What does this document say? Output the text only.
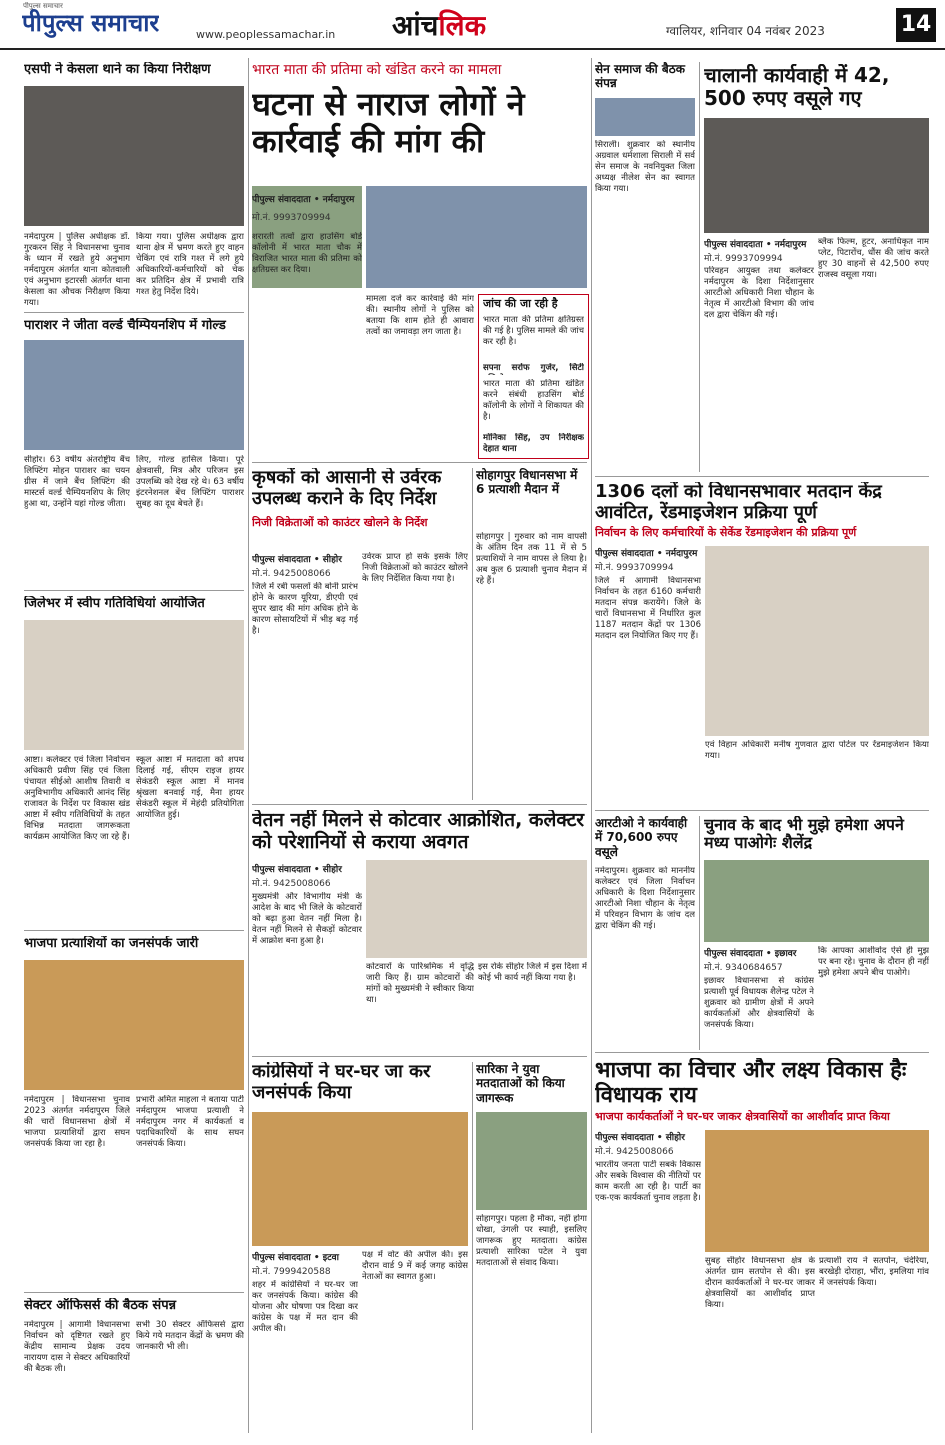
पीपुल्स समाचार
पीपुल्स समाचार	www.peoplessamachar.in आंचलिक	ग्वालियर, शनिवार 04 नवंबर 2023	14
एसपी ने केसला थाने का किया निरीक्षण
नर्मदापुरम | पुलिस अधीक्षक डॉ. गुरकरन सिंह ने विधानसभा चुनाव के ध्यान में रखते हुये अनुभाग नर्मदापुरम अंतर्गत थाना कोतवाली एवं अनुभाग इटारसी अंतर्गत थाना केसला का औचक निरीक्षण किया गया।
किया गया। पुलिस अधीक्षक द्वारा थाना क्षेत्र में भ्रमण करते हुए वाहन चेकिंग एवं रात्रि गश्त में लगे हुये अधिकारियों-कर्मचारियों को चेक कर प्रतिदिन क्षेत्र में प्रभावी रात्रि गश्त हेतु निर्देश दिये।
पाराशर ने जीता वर्ल्ड चैम्पियनशिप में गोल्ड
सीहोर। 63 वर्षीय अंतर्राष्ट्रीय बैंच लिफ्टिंग मोहन पाराशर का चयन ग्रीस में जाने बैंच लिफ्टिंग की मास्टर्स वर्ल्ड चैम्पियनशिप के लिए हुआ था, उन्होंने यहां गोल्ड जीता।
लिए, गोल्ड हासिल किया। पूरे क्षेत्रवासी, मित्र और परिजन इस उपलब्धि को देख रहे थे। 63 वर्षीय इंटरनेशनल बेंच लिफ्टिंग पाराशर सुबह का दूध बेचते हैं।
जिलेभर में स्वीप गतिविधियां आयोजित
आष्टा। कलेक्टर एवं जिला निर्वाचन अधिकारी प्रवीण सिंह एवं जिला पंचायत सीईओ आशीष तिवारी व अनुविभागीय अधिकारी आनंद सिंह राजावत के निर्देश पर विकास खंड आष्टा में स्वीप गतिविधियों के तहत विभिन्न मतदाता जागरूकता कार्यक्रम आयोजित किए जा रहे हैं।
स्कूल आष्टा में मतदाता को शपथ दिलाई गई, सीएम राइज हायर सेकंडरी स्कूल आष्टा में मानव श्रृंखला बनवाई गई, मैना हायर सेकंडरी स्कूल में मेहंदी प्रतियोगिता आयोजित हुई।
भाजपा प्रत्याशियों का जनसंपर्क जारी
नर्मदापुरम | विधानसभा चुनाव 2023 अंतर्गत नर्मदापुरम जिले की चारों विधानसभा क्षेत्रों में भाजपा प्रत्याशियों द्वारा सघन जनसंपर्क किया जा रहा है।
प्रभारी अमित माहला ने बताया पार्टी नर्मदापुरम भाजपा प्रत्याशी ने नर्मदापुरम नगर में कार्यकर्ता व पदाधिकारियों के साथ सघन जनसंपर्क किया।
सेक्टर ऑफिसर्स की बैठक संपन्न
नर्मदापुरम | आगामी विधानसभा निर्वाचन को दृष्टिगत रखते हुए केंद्रीय सामान्य प्रेक्षक उदय नारायण दास ने सेक्टर अधिकारियों की बैठक ली।
सभी 30 सेक्टर ऑफिसर्स द्वारा किये गये मतदान केंद्रों के भ्रमण की जानकारी भी ली।
भारत माता की प्रतिमा को खंडित करने का मामला
घटना से नाराज लोगों ने कार्रवाई की मांग की
पीपुल्स संवाददाता • नर्मदापुरम
मो.नं. 9993709994
शरारती तत्वों द्वारा हाउसिंग बोर्ड कॉलोनी में भारत माता चौक में विराजित भारत माता की प्रतिमा को क्षतिग्रस्त कर दिया।
मामला दर्ज कर कार्रवाई की मांग की। स्थानीय लोगों ने पुलिस को बताया कि शाम होते ही आवारा तत्वों का जमावड़ा लग जाता है।
जांच की जा रही है
भारत माता की प्रतिमा क्षतिग्रस्त की गई है। पुलिस मामले की जांच कर रही है।
सपना सर्राफ गुर्जर, सिटी
भारत माता की प्रतिमा खंडित करने संबंधी हाउसिंग बोर्ड कॉलोनी के लोगों ने शिकायत की है।
मोनिका सिंह, उप निरीक्षक देहात थाना
कृषकों को आसानी से उर्वरक उपलब्ध कराने के दिए निर्देश
निजी विक्रेताओं को काउंटर खोलने के निर्देश
पीपुल्स संवाददाता • सीहोर
मो.नं. 9425008066
जिले में रबी फसलों की बोनी प्रारंभ होने के कारण यूरिया, डीएपी एवं सुपर खाद की मांग अधिक होने के कारण सोसायटियों में भीड़ बढ़ गई है।
उर्वरक प्राप्त हो सके इसके लिए निजी विक्रेताओं को काउंटर खोलने के लिए निर्देशित किया गया है।
सोहागपुर विधानसभा में 6 प्रत्याशी मैदान में
सोहागपुर | गुरुवार को नाम वापसी के अंतिम दिन तक 11 में से 5 प्रत्याशियों ने नाम वापस ले लिया है। अब कुल 6 प्रत्याशी चुनाव मैदान में रहे हैं।
वेतन नहीं मिलने से कोटवार आक्रोशित, कलेक्टर को परेशानियों से कराया अवगत
पीपुल्स संवाददाता • सीहोर
मो.नं. 9425008066
मुख्यमंत्री और विभागीय मंत्री के आदेश के बाद भी जिले के कोटवारों को बढ़ा हुआ वेतन नहीं मिला है। वेतन नहीं मिलने से सैकड़ों कोटवार में आक्रोश बना हुआ है।
कोटवारों के पारिश्रमिक में वृद्धि जारी किए हैं। ग्राम कोटवारों की मांगों को मुख्यमंत्री ने स्वीकार किया था।
इस रोके सीहोर जिले में इस दिशा में कोई भी कार्य नहीं किया गया है।
कांग्रेसियों ने घर-घर जा कर जनसंपर्क किया
पीपुल्स संवाददाता • इटवा
मो.नं. 7999420588
शहर में कांग्रेसियों ने घर-घर जा कर जनसंपर्क किया। कांग्रेस की योजना और घोषणा पत्र दिखा कर कांग्रेस के पक्ष में मत दान की अपील की।
पक्ष में वोट की अपील की। इस दौरान वार्ड 9 में कई जगह कांग्रेस नेताओं का स्वागत हुआ।
सारिका ने युवा मतदाताओं को किया जागरूक
सोहागपुर। पहला है मौका, नहीं होगा धोखा, उंगली पर स्याही, इसलिए जागरूक हुए मतदाता। कांग्रेस प्रत्याशी सारिका पटेल ने युवा मतदाताओं से संवाद किया।
सेन समाज की बैठक संपन्न
सिराली। शुक्रवार को स्थानीय अग्रवाल धर्मशाला सिराली में सर्व सेन समाज के नवनियुक्त जिला अध्यक्ष नीलेश सेन का स्वागत किया गया।
चालानी कार्यवाही में 42, 500 रुपए वसूले गए
पीपुल्स संवाददाता • नर्मदापुरम
मो.नं. 9993709994
परिवहन आयुक्त तथा कलेक्टर नर्मदापुरम के दिशा निर्देशानुसार आरटीओ अधिकारी निशा चौहान के नेतृत्व में आरटीओ विभाग की जांच दल द्वारा चेकिंग की गई।
ब्लैक फिल्म, हूटर, अनाधिकृत नाम प्लेट, पिटारोंच, धौंस की जांच करते हुए 30 वाहनों से 42,500 रुपए राजस्व वसूला गया।
1306 दलों को विधानसभावार मतदान केंद्र आवंटित, रेंडमाइजेशन प्रक्रिया पूर्ण
निर्वाचन के लिए कर्मचारियों के सेकेंड रेंडमाइजेशन की प्रक्रिया पूर्ण
पीपुल्स संवाददाता • नर्मदापुरम
मो.नं. 9993709994
जिले में आगामी विधानसभा निर्वाचन के तहत 6160 कर्मचारी मतदान संपन्न करायेंगे। जिले के चारों विधानसभा में निर्धारित कुल 1187 मतदान केंद्रों पर 1306 मतदान दल नियोजित किए गए हैं।
एवं विहान अधिकारी मनीष गुणवात द्वारा पोर्टल पर रेंडमाइजेशन किया गया।
आरटीओ ने कार्यवाही में 70,600 रुपए वसूले
नर्मदापुरम। शुक्रवार को माननीय कलेक्टर एवं जिला निर्वाचन अधिकारी के दिशा निर्देशानुसार आरटीओ निशा चौहान के नेतृत्व में परिवहन विभाग के जांच दल द्वारा चेकिंग की गई।
चुनाव के बाद भी मुझे हमेशा अपने मध्य पाओगेः शैलेंद्र
पीपुल्स संवाददाता • इछावर
मो.नं. 9340684657
इछावर विधानसभा से कांग्रेस प्रत्याशी पूर्व विधायक शैलेन्द्र पटेल ने शुक्रवार को ग्रामीण क्षेत्रों में अपने कार्यकर्ताओं और क्षेत्रवासियों के जनसंपर्क किया।
कि आपका आशीर्वाद ऐसे ही मुझ पर बना रहे। चुनाव के दौरान ही नहीं मुझे हमेशा अपने बीच पाओगे।
भाजपा का विचार और लक्ष्य विकास हैः विधायक राय
भाजपा कार्यकर्ताओं ने घर-घर जाकर क्षेत्रवासियों का आशीर्वाद प्राप्त किया
पीपुल्स संवाददाता • सीहोर
मो.नं. 9425008066
भारतीय जनता पार्टी सबके विकास और सबके विश्वास की नीतियों पर काम करती आ रही है। पार्टी का एक-एक कार्यकर्ता चुनाव लड़ता है।
सुबह सीहोर विधानसभा क्षेत्र के अंतर्गत ग्राम सतपोन से की। इस दौरान कार्यकर्ताओं ने घर-घर जाकर क्षेत्रवासियों का आशीर्वाद प्राप्त किया।
प्रत्याशी राय ने सतपोन, चंदेरिया, बरखेड़ी दोराहा, भौंरा, इमलिया गांव में जनसंपर्क किया।
